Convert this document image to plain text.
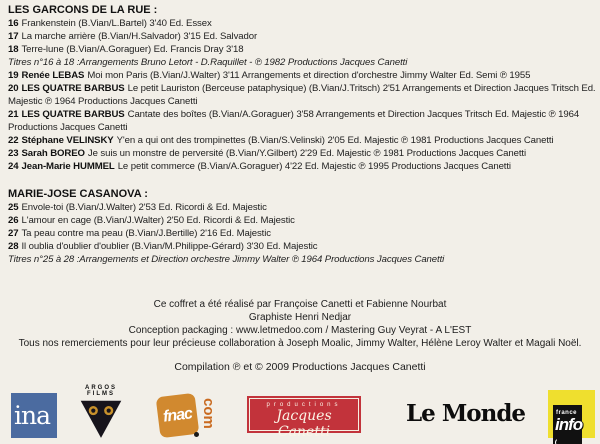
LES GARCONS DE LA RUE :

16 Frankenstein (B.Vian/L.Bartel) 3'40 Ed. Essex

17 La marche arrière (B.Vian/H.Salvador) 3'15 Ed. Salvador

18 Terre-lune (B.Vian/A.Goraguer) Ed. Francis Dray 3'18

Titres n°16 à 18 :Arrangements Bruno Letort - D.Raquillet - ℗ 1982 Productions Jacques Canetti

19 Renée LEBAS Moi mon Paris (B.Vian/J.Walter) 3'11 Arrangements et direction d'orchestre Jimmy Walter Ed. Semi ℗ 1955

20 LES QUATRE BARBUS Le petit Lauriston (Berceuse pataphysique) (B.Vian/J.Tritsch) 2'51 Arrangements et Direction Jacques Tritsch Ed. Majestic ℗ 1964 Productions Jacques Canetti

21 LES QUATRE BARBUS Cantate des boîtes (B.Vian/A.Goraguer) 3'58 Arrangements et Direction Jacques Tritsch Ed. Majestic ℗ 1964 Productions Jacques Canetti

22 Stéphane VELINSKY Y'en a qui ont des trompinettes (B.Vian/S.Velinski) 2'05 Ed. Majestic ℗ 1981 Productions Jacques Canetti

23 Sarah BOREO Je suis un monstre de perversité (B.Vian/Y.Gilbert) 2'29 Ed. Majestic ℗ 1981 Productions Jacques Canetti

24 Jean-Marie HUMMEL Le petit commerce (B.Vian/A.Goraguer) 4'22 Ed. Majestic ℗ 1995 Productions Jacques Canetti

MARIE-JOSE CASANOVA :

25 Envole-toi (B.Vian/J.Walter) 2'53 Ed. Ricordi & Ed. Majestic

26 L'amour en cage (B.Vian/J.Walter) 2'50 Ed. Ricordi & Ed. Majestic

27 Ta peau contre ma peau (B.Vian/J.Bertille) 2'16 Ed. Majestic

28 Il oublia d'oublier d'oublier (B.Vian/M.Philippe-Gérard) 3'30 Ed. Majestic

Titres n°25 à 28 :Arrangements et Direction orchestre Jimmy Walter ℗ 1964 Productions Jacques Canetti

Ce coffret a été réalisé par Françoise Canetti et Fabienne Nourbat

Graphiste Henri Nedjar

Conception packaging : www.letmedoo.com / Mastering Guy Veyrat - A L'EST

Tous nos remerciements pour leur précieuse collaboration à Joseph Moalic, Jimmy Walter, Hélène Leroy Walter et Magali Noël.

Compilation ℗ et © 2009 Productions Jacques Canetti

ina
ARGOS FILMS
fnac com	productions
Jacques Canetti
Le Monde	france
info
